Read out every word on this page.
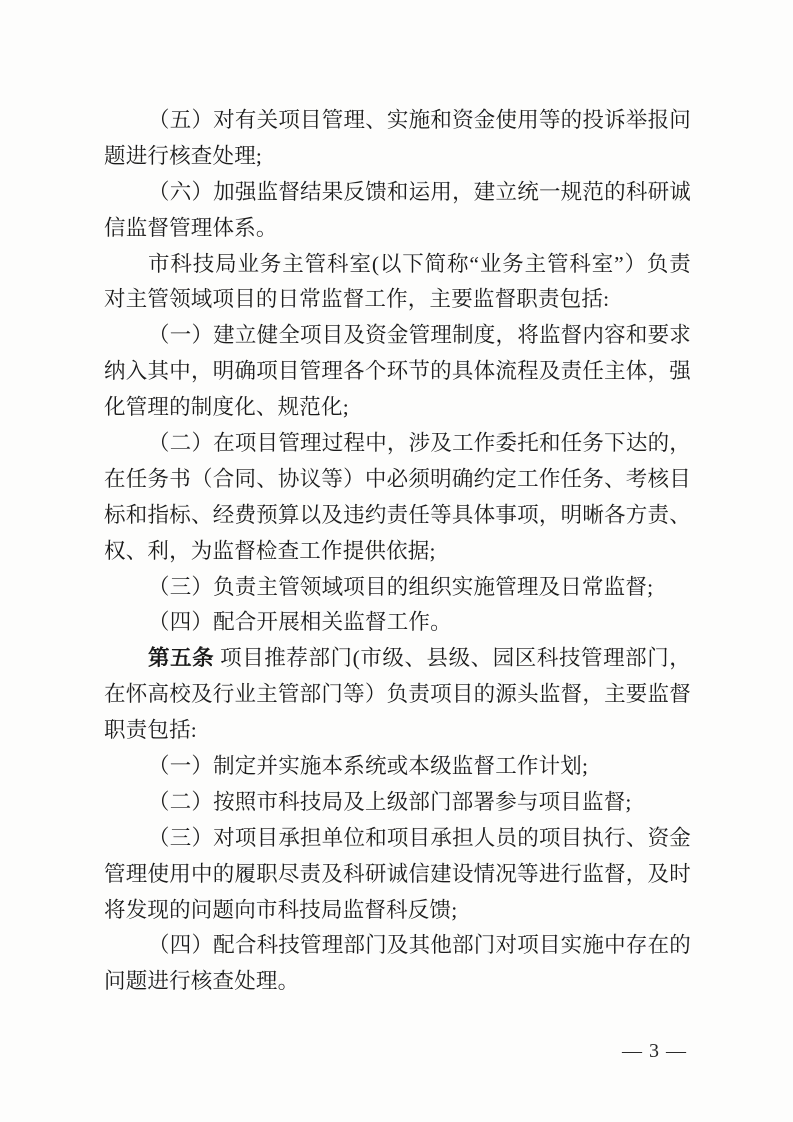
（五）对有关项目管理、实施和资金使用等的投诉举报问
题进行核查处理;
（六）加强监督结果反馈和运用，建立统一规范的科研诚
信监督管理体系。
市科技局业务主管科室(以下简称“业务主管科室”）负责
对主管领域项目的日常监督工作，主要监督职责包括:
（一）建立健全项目及资金管理制度，将监督内容和要求
纳入其中，明确项目管理各个环节的具体流程及责任主体，强
化管理的制度化、规范化;
（二）在项目管理过程中，涉及工作委托和任务下达的，
在任务书（合同、协议等）中必须明确约定工作任务、考核目
标和指标、经费预算以及违约责任等具体事项，明晰各方责、
权、利，为监督检查工作提供依据;
（三）负责主管领域项目的组织实施管理及日常监督;
（四）配合开展相关监督工作。
第五条 项目推荐部门(市级、县级、园区科技管理部门，
在怀高校及行业主管部门等）负责项目的源头监督，主要监督
职责包括:
（一）制定并实施本系统或本级监督工作计划;
（二）按照市科技局及上级部门部署参与项目监督;
（三）对项目承担单位和项目承担人员的项目执行、资金
管理使用中的履职尽责及科研诚信建设情况等进行监督，及时
将发现的问题向市科技局监督科反馈;
（四）配合科技管理部门及其他部门对项目实施中存在的
问题进行核查处理。
— 3 —
